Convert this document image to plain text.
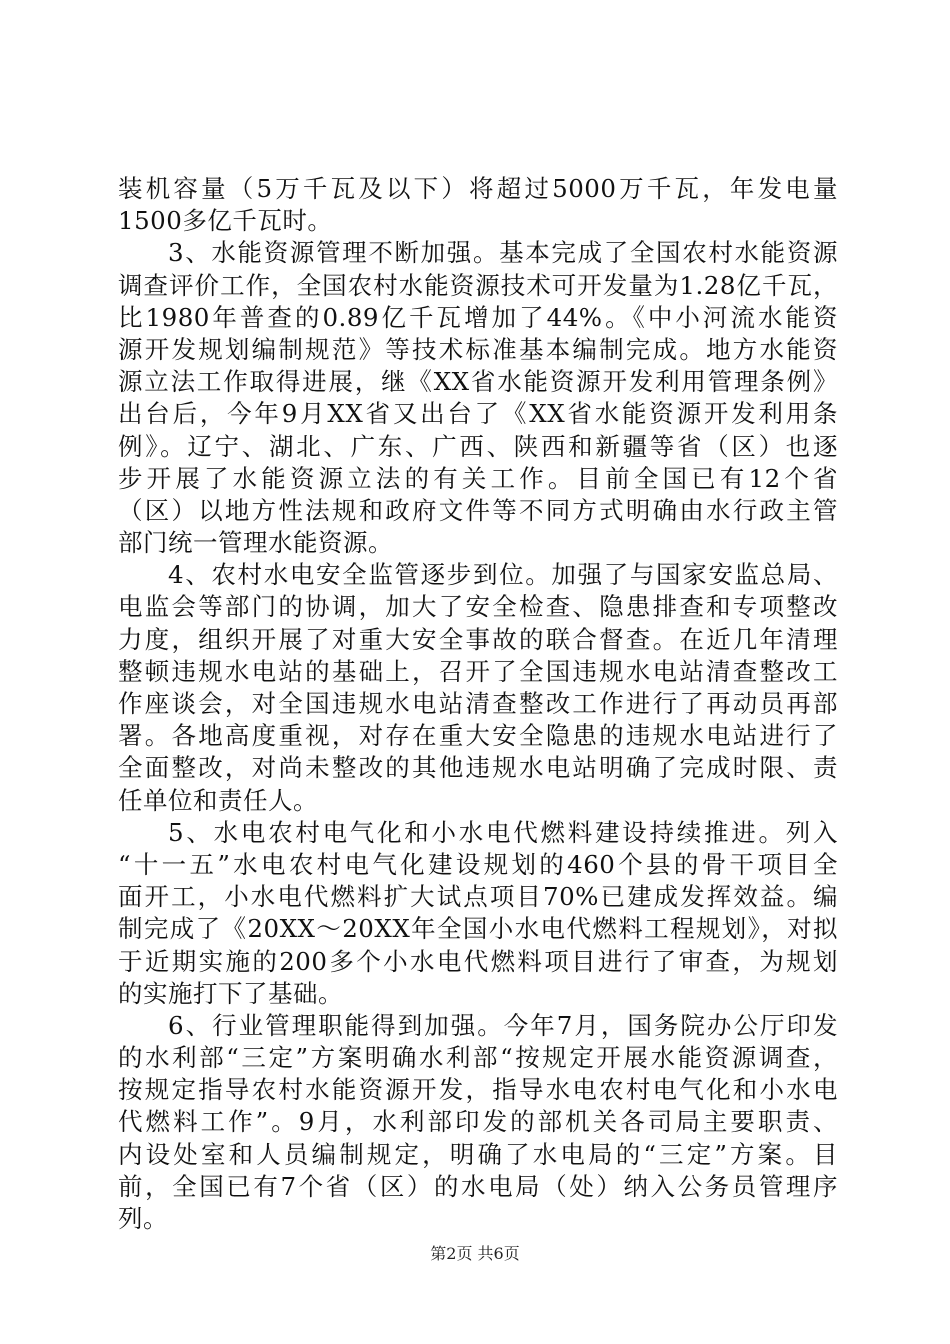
装机容量（5万千瓦及以下）将超过5000万千瓦，年发电量
1500多亿千瓦时。
3、水能资源管理不断加强。基本完成了全国农村水能资源
调查评价工作，全国农村水能资源技术可开发量为1.28亿千瓦，
比1980年普查的0.89亿千瓦增加了44%。《中小河流水能资
源开发规划编制规范》等技术标准基本编制完成。地方水能资
源立法工作取得进展，继《XX省水能资源开发利用管理条例》
出台后，今年9月XX省又出台了《XX省水能资源开发利用条
例》。辽宁、湖北、广东、广西、陕西和新疆等省（区）也逐
步开展了水能资源立法的有关工作。目前全国已有12个省
（区）以地方性法规和政府文件等不同方式明确由水行政主管
部门统一管理水能资源。
4、农村水电安全监管逐步到位。加强了与国家安监总局、
电监会等部门的协调，加大了安全检查、隐患排查和专项整改
力度，组织开展了对重大安全事故的联合督查。在近几年清理
整顿违规水电站的基础上，召开了全国违规水电站清查整改工
作座谈会，对全国违规水电站清查整改工作进行了再动员再部
署。各地高度重视，对存在重大安全隐患的违规水电站进行了
全面整改，对尚未整改的其他违规水电站明确了完成时限、责
任单位和责任人。
5、水电农村电气化和小水电代燃料建设持续推进。列入
“十一五”水电农村电气化建设规划的460个县的骨干项目全
面开工，小水电代燃料扩大试点项目70%已建成发挥效益。编
制完成了《20XX～20XX年全国小水电代燃料工程规划》，对拟
于近期实施的200多个小水电代燃料项目进行了审查，为规划
的实施打下了基础。
6、行业管理职能得到加强。今年7月，国务院办公厅印发
的水利部“三定”方案明确水利部“按规定开展水能资源调查，
按规定指导农村水能资源开发，指导水电农村电气化和小水电
代燃料工作”。9月，水利部印发的部机关各司局主要职责、
内设处室和人员编制规定，明确了水电局的“三定”方案。目
前，全国已有7个省（区）的水电局（处）纳入公务员管理序
列。
第2页 共6页
